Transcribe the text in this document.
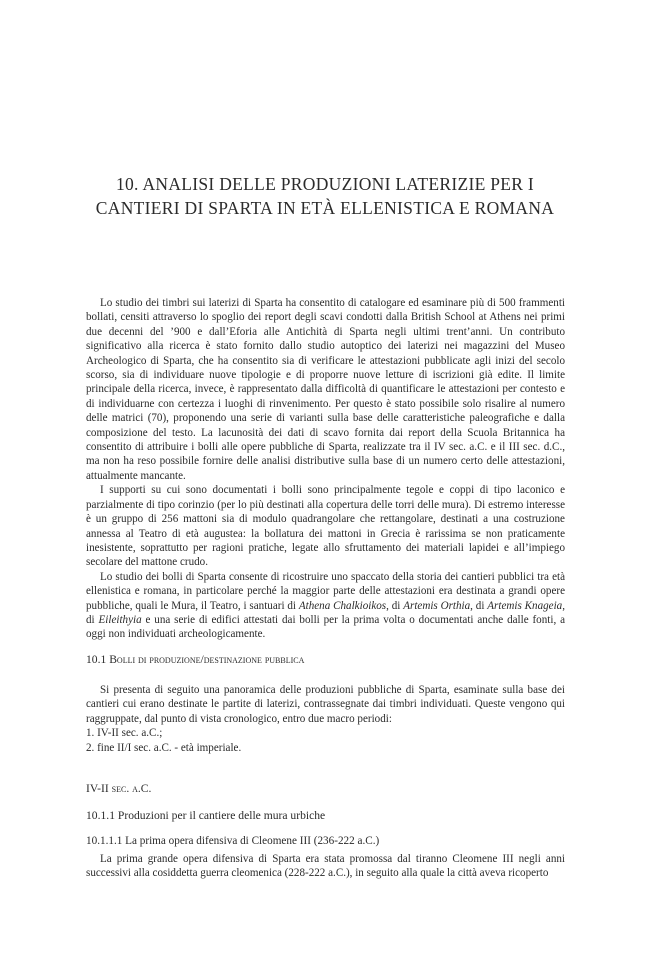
10. ANALISI DELLE PRODUZIONI LATERIZIE PER I
CANTIERI DI SPARTA IN ETÀ ELLENISTICA E ROMANA

Lo studio dei timbri sui laterizi di Sparta ha consentito di catalogare ed esaminare più di 500 frammenti bollati, censiti attraverso lo spoglio dei report degli scavi condotti dalla British School at Athens nei primi due decenni del ’900 e dall’Eforia alle Antichità di Sparta negli ultimi trent’anni. Un contributo significativo alla ricerca è stato fornito dallo studio autoptico dei laterizi nei magazzini del Museo Archeologico di Sparta, che ha consentito sia di verificare le attestazioni pubblicate agli inizi del secolo scorso, sia di individuare nuove tipologie e di proporre nuove letture di iscrizioni già edite. Il limite principale della ricerca, invece, è rappresentato dalla difficoltà di quantificare le attestazioni per contesto e di individuarne con certezza i luoghi di rinvenimento. Per questo è stato possibile solo risalire al numero delle matrici (70), proponendo una serie di varianti sulla base delle caratteristiche paleografiche e dalla composizione del testo. La lacunosità dei dati di scavo fornita dai report della Scuola Britannica ha consentito di attribuire i bolli alle opere pubbliche di Sparta, realizzate tra il IV sec. a.C. e il III sec. d.C., ma non ha reso possibile fornire delle analisi distributive sulla base di un numero certo delle attestazioni, attualmente mancante.

I supporti su cui sono documentati i bolli sono principalmente tegole e coppi di tipo laconico e parzialmente di tipo corinzio (per lo più destinati alla copertura delle torri delle mura). Di estremo interesse è un gruppo di 256 mattoni sia di modulo quadrangolare che rettangolare, destinati a una costruzione annessa al Teatro di età augustea: la bollatura dei mattoni in Grecia è rarissima se non praticamente inesistente, soprattutto per ragioni pratiche, legate allo sfruttamento dei materiali lapidei e all’impiego secolare del mattone crudo.

Lo studio dei bolli di Sparta consente di ricostruire uno spaccato della storia dei cantieri pubblici tra età ellenistica e romana, in particolare perché la maggior parte delle attestazioni era destinata a grandi opere pubbliche, quali le Mura, il Teatro, i santuari di Athena Chalkioikos, di Artemis Orthia, di Artemis Knageia, di Eileithyia e una serie di edifici attestati dai bolli per la prima volta o documentati anche dalle fonti, a oggi non individuati archeologicamente.

10.1 Bolli di produzione/destinazione pubblica

Si presenta di seguito una panoramica delle produzioni pubbliche di Sparta, esaminate sulla base dei cantieri cui erano destinate le partite di laterizi, contrassegnate dai timbri individuati. Queste vengono qui raggruppate, dal punto di vista cronologico, entro due macro periodi:

1. IV-II sec. a.C.;

2. fine II/I sec. a.C. - età imperiale.

IV-II sec. a.C.
10.1.1 Produzioni per il cantiere delle mura urbiche
10.1.1.1 La prima opera difensiva di Cleomene III (236-222 a.C.)

La prima grande opera difensiva di Sparta era stata promossa dal tiranno Cleomene III negli anni successivi alla cosiddetta guerra cleomenica (228-222 a.C.), in seguito alla quale la città aveva ricoperto
